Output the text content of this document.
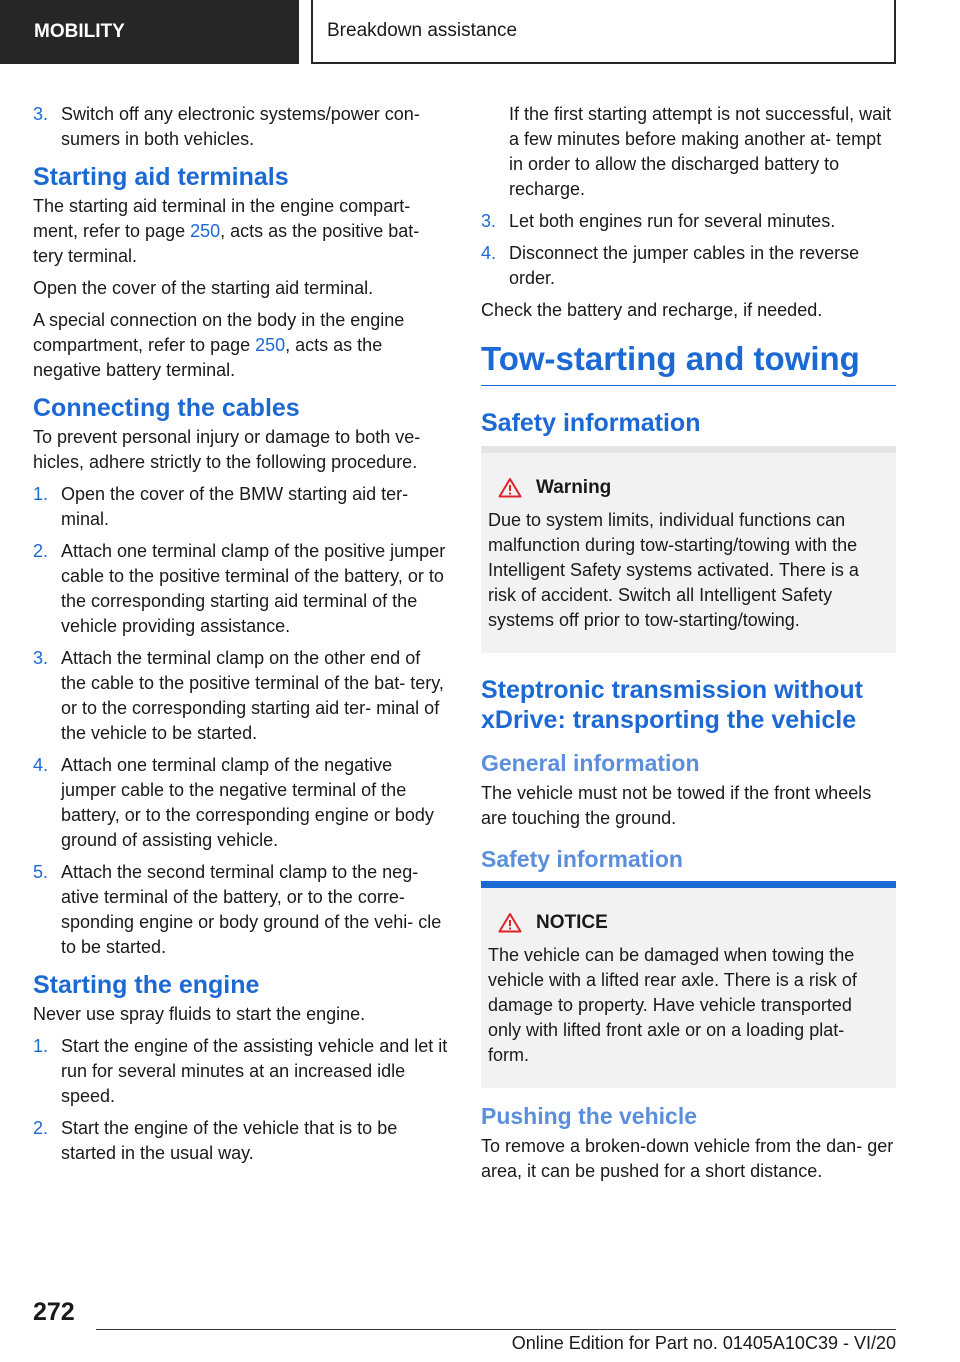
MOBILITY	Breakdown assistance
3. Switch off any electronic systems/power con‐ sumers in both vehicles.
Starting aid terminals

The starting aid terminal in the engine compart‐ ment, refer to page 250, acts as the positive bat‐ tery terminal.

Open the cover of the starting aid terminal.

A special connection on the body in the engine compartment, refer to page 250, acts as the negative battery terminal.

Connecting the cables

To prevent personal injury or damage to both ve‐ hicles, adhere strictly to the following procedure.

1. Open the cover of the BMW starting aid ter‐ minal.
2. Attach one terminal clamp of the positive jumper cable to the positive terminal of the battery, or to the corresponding starting aid terminal of the vehicle providing assistance.
3. Attach the terminal clamp on the other end of the cable to the positive terminal of the bat‐ tery, or to the corresponding starting aid ter‐ minal of the vehicle to be started.
4. Attach one terminal clamp of the negative jumper cable to the negative terminal of the battery, or to the corresponding engine or body ground of assisting vehicle.
5. Attach the second terminal clamp to the neg‐ ative terminal of the battery, or to the corre‐ sponding engine or body ground of the vehi‐ cle to be started.
Starting the engine

Never use spray fluids to start the engine.

1. Start the engine of the assisting vehicle and let it run for several minutes at an increased idle speed.
2. Start the engine of the vehicle that is to be started in the usual way.
If the first starting attempt is not successful, wait a few minutes before making another at‐ tempt in order to allow the discharged battery to recharge.
3. Let both engines run for several minutes.
4. Disconnect the jumper cables in the reverse order.

Check the battery and recharge, if needed.

Tow-starting and towing
Safety information
Warning
Due to system limits, individual functions can malfunction during tow-starting/towing with the Intelligent Safety systems activated. There is a risk of accident. Switch all Intelligent Safety systems off prior to tow-starting/towing.
Steptronic transmission without xDrive: transporting the vehicle
General information

The vehicle must not be towed if the front wheels are touching the ground.

Safety information
NOTICE
The vehicle can be damaged when towing the vehicle with a lifted rear axle. There is a risk of damage to property. Have vehicle transported only with lifted front axle or on a loading plat‐ form.
Pushing the vehicle

To remove a broken-down vehicle from the dan‐ ger area, it can be pushed for a short distance.

272
Online Edition for Part no. 01405A10C39 - VI/20
